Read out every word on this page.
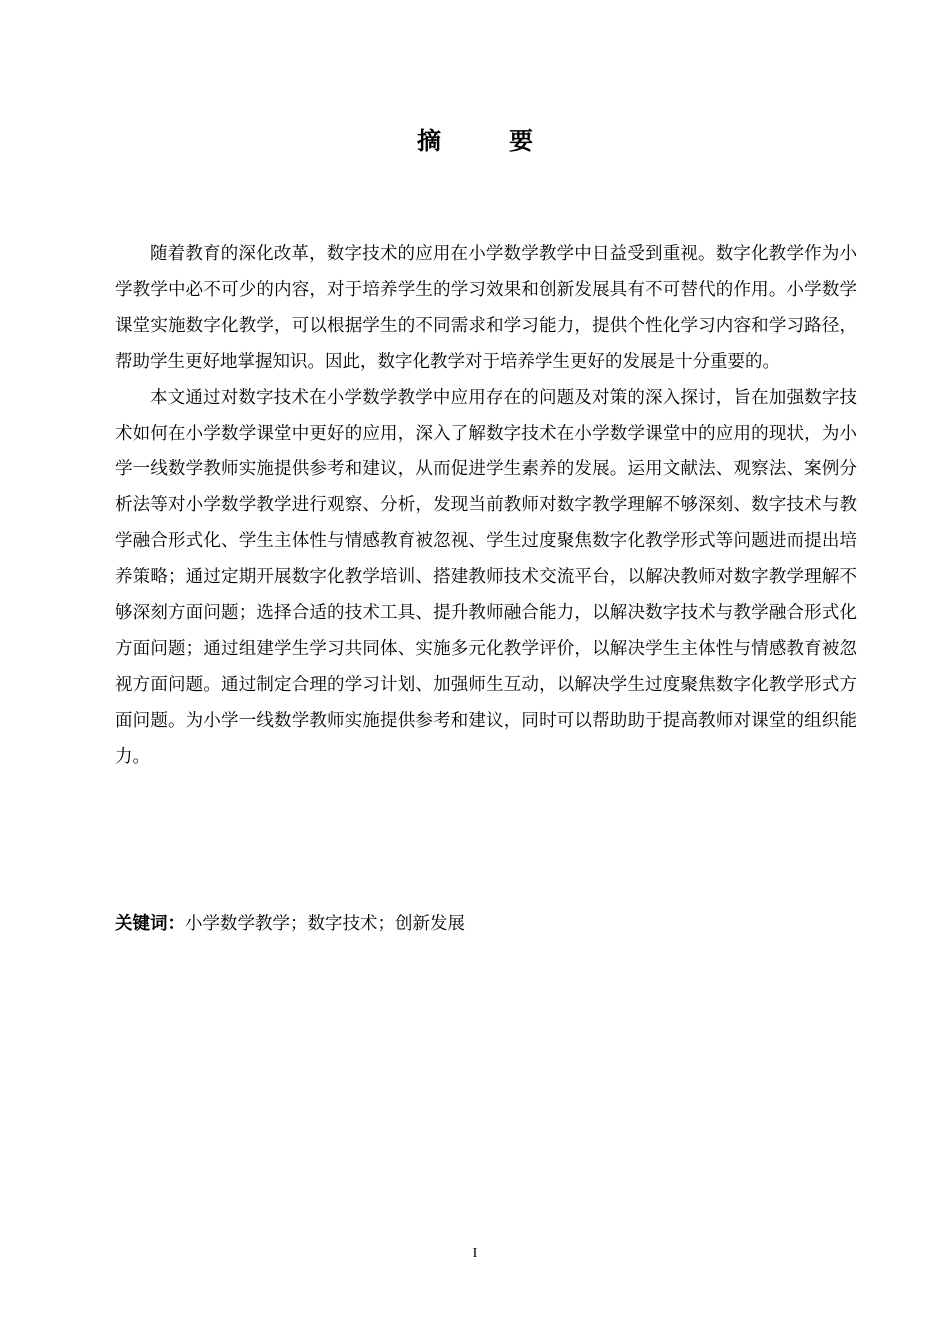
摘　要

随着教育的深化改革，数字技术的应用在小学数学教学中日益受到重视。数字化教学作为小学教学中必不可少的内容，对于培养学生的学习效果和创新发展具有不可替代的作用。小学数学课堂实施数字化教学，可以根据学生的不同需求和学习能力，提供个性化学习内容和学习路径，帮助学生更好地掌握知识。因此，数字化教学对于培养学生更好的发展是十分重要的。

本文通过对数字技术在小学数学教学中应用存在的问题及对策的深入探讨，旨在加强数字技术如何在小学数学课堂中更好的应用，深入了解数字技术在小学数学课堂中的应用的现状，为小学一线数学教师实施提供参考和建议，从而促进学生素养的发展。运用文献法、观察法、案例分析法等对小学数学教学进行观察、分析，发现当前教师对数字教学理解不够深刻、数字技术与教学融合形式化、学生主体性与情感教育被忽视、学生过度聚焦数字化教学形式等问题进而提出培养策略；通过定期开展数字化教学培训、搭建教师技术交流平台，以解决教师对数字教学理解不够深刻方面问题；选择合适的技术工具、提升教师融合能力，以解决数字技术与教学融合形式化方面问题；通过组建学生学习共同体、实施多元化教学评价，以解决学生主体性与情感教育被忽视方面问题。通过制定合理的学习计划、加强师生互动，以解决学生过度聚焦数字化教学形式方面问题。为小学一线数学教师实施提供参考和建议，同时可以帮助助于提高教师对课堂的组织能力。

关键词：小学数学教学；数字技术；创新发展

I
